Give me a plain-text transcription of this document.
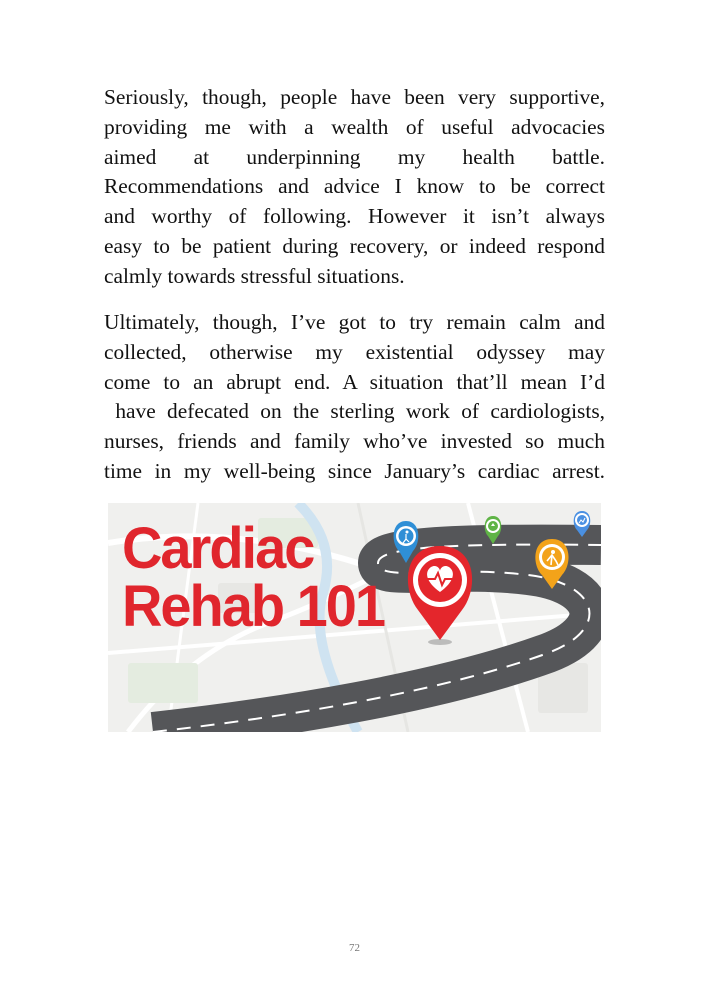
Seriously, though, people have been very supportive,
providing me with a wealth of useful advocacies
aimed at underpinning my health battle.
Recommendations and advice I know to be correct
and worthy of following. However it isn’t always
easy to be patient during recovery, or indeed respond
calmly towards stressful situations.
Ultimately, though, I’ve got to try remain calm and
collected, otherwise my existential odyssey may
come to an abrupt end. A situation that’ll mean I’d
have defecated on the sterling work of cardiologists,
nurses, friends and family who’ve invested so much
time in my well-being since January’s cardiac arrest.
Cardiac
Rehab 101
72
